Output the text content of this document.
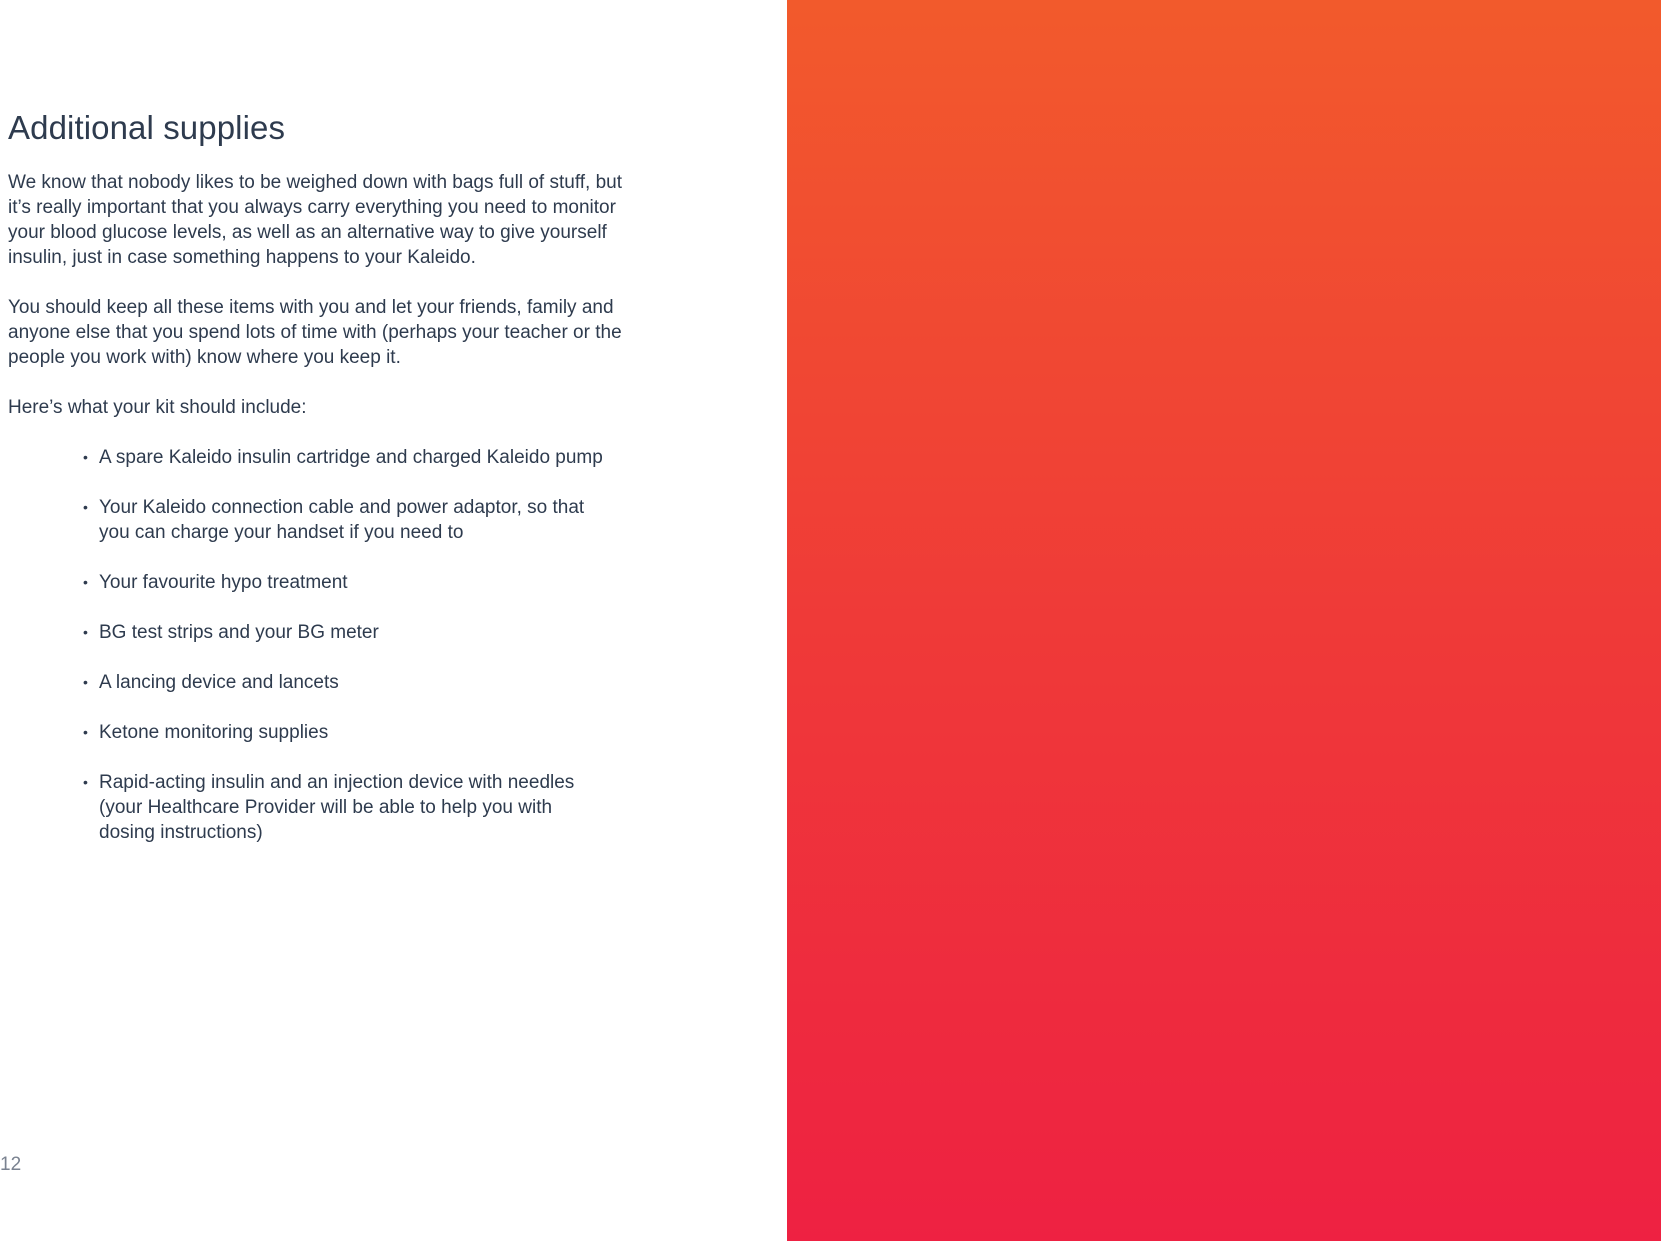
Additional supplies

We know that nobody likes to be weighed down with bags full of stuff, but it’s really important that you always carry everything you need to monitor your blood glucose levels, as well as an alternative way to give yourself insulin, just in case something happens to your Kaleido.

You should keep all these items with you and let your friends, family and anyone else that you spend lots of time with (perhaps your teacher or the people you work with) know where you keep it.

Here’s what your kit should include:

• A spare Kaleido insulin cartridge and charged Kaleido pump
• Your Kaleido connection cable and power adaptor, so that you can charge your handset if you need to
• Your favourite hypo treatment
• BG test strips and your BG meter
• A lancing device and lancets
• Ketone monitoring supplies
• Rapid-acting insulin and an injection device with needles (your Healthcare Provider will be able to help you with dosing instructions)
12
